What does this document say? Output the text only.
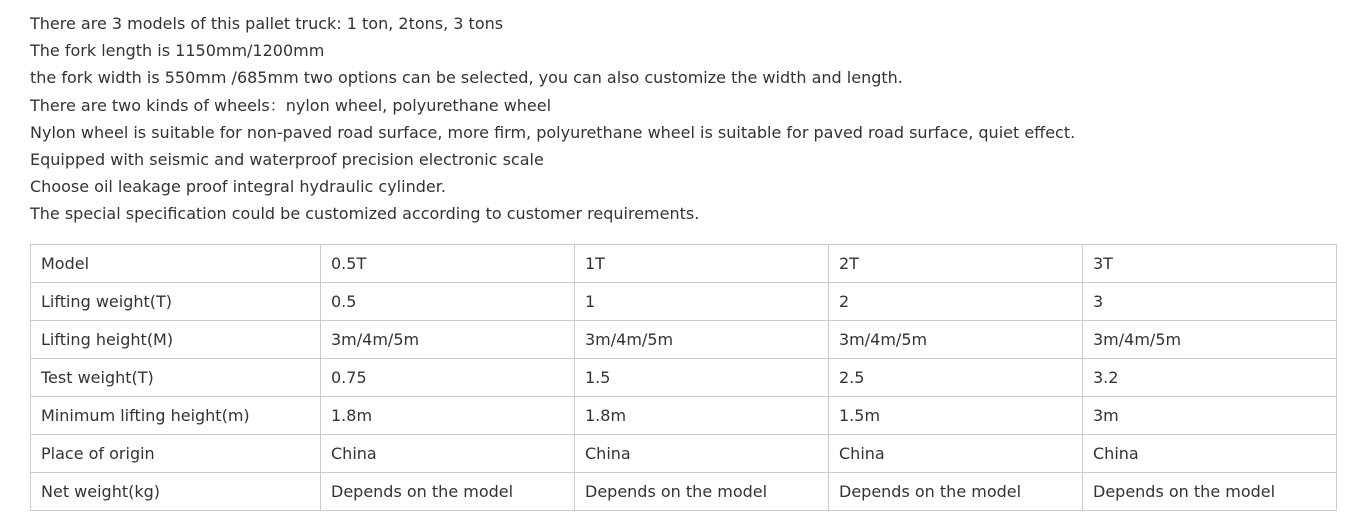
There are 3 models of this pallet truck: 1 ton, 2tons, 3 tons

The fork length is 1150mm/1200mm

the fork width is 550mm /685mm two options can be selected, you can also customize the width and length.

There are two kinds of wheels：nylon wheel, polyurethane wheel

Nylon wheel is suitable for non-paved road surface, more firm, polyurethane wheel is suitable for paved road surface, quiet effect.

Equipped with seismic and waterproof precision electronic scale

Choose oil leakage proof integral hydraulic cylinder.

The special specification could be customized according to customer requirements.

Model	0.5T	1T	2T	3T
Lifting weight(T)	0.5	1	2	3
Lifting height(M)	3m/4m/5m	3m/4m/5m	3m/4m/5m	3m/4m/5m
Test weight(T)	0.75	1.5	2.5	3.2
Minimum lifting height(m)	1.8m	1.8m	1.5m	3m
Place of origin	China	China	China	China
Net weight(kg)	Depends on the model	Depends on the model	Depends on the model	Depends on the model
